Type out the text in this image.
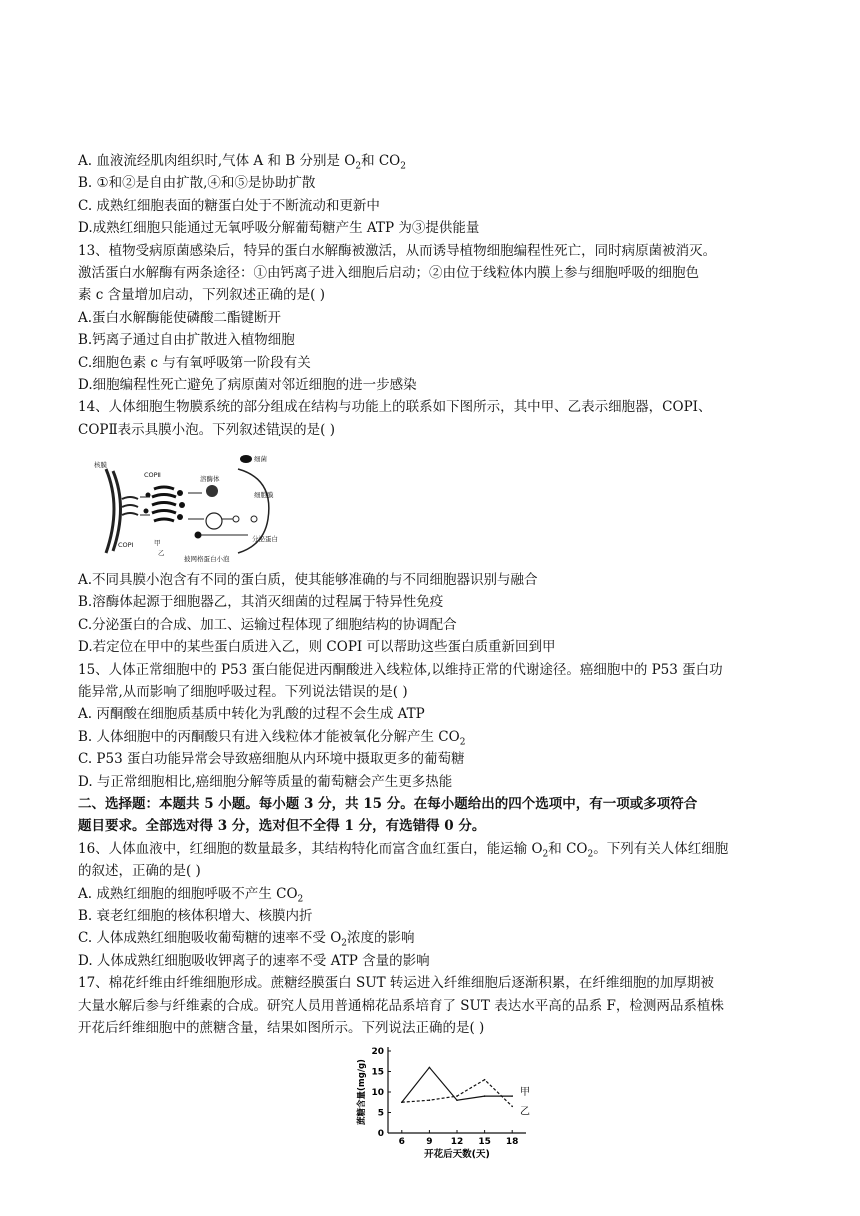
A. 血液流经肌肉组织时,气体 A 和 B 分别是 $O_2$和 $CO_2$
B. ①和②是自由扩散,④和⑤是协助扩散
C. 成熟红细胞表面的糖蛋白处于不断流动和更新中
D.成熟红细胞只能通过无氧呼吸分解葡萄糖产生 ATP 为③提供能量
13、植物受病原菌感染后，特异的蛋白水解酶被激活，从而诱导植物细胞编程性死亡，同时病原菌被消灭。
激活蛋白水解酶有两条途径：①由钙离子进入细胞后启动；②由位于线粒体内膜上参与细胞呼吸的细胞色
素 c 含量增加启动，下列叙述正确的是( )
A.蛋白水解酶能使磷酸二酯键断开
B.钙离子通过自由扩散进入植物细胞
C.细胞色素 c 与有氧呼吸第一阶段有关
D.细胞编程性死亡避免了病原菌对邻近细胞的进一步感染
14、人体细胞生物膜系统的部分组成在结构与功能上的联系如下图所示，其中甲、乙表示细胞器，COPI、
COPⅡ表示具膜小泡。下列叙述错误的是( )
核膜
COPⅡ
COPⅠ
溶酶体
细菌
细胞膜
甲
乙
分泌蛋白
披网格蛋白小泡
A.不同具膜小泡含有不同的蛋白质，使其能够准确的与不同细胞器识别与融合
B.溶酶体起源于细胞器乙，其消灭细菌的过程属于特异性免疫
C.分泌蛋白的合成、加工、运输过程体现了细胞结构的协调配合
D.若定位在甲中的某些蛋白质进入乙，则 COPI 可以帮助这些蛋白质重新回到甲
15、人体正常细胞中的 P53 蛋白能促进丙酮酸进入线粒体,以维持正常的代谢途径。癌细胞中的 P53 蛋白功
能异常,从而影响了细胞呼吸过程。下列说法错误的是( )
A. 丙酮酸在细胞质基质中转化为乳酸的过程不会生成 ATP
B. 人体细胞中的丙酮酸只有进入线粒体才能被氧化分解产生 $CO_2$
C. P53 蛋白功能异常会导致癌细胞从内环境中摄取更多的葡萄糖
D. 与正常细胞相比,癌细胞分解等质量的葡萄糖会产生更多热能
二、选择题：本题共 5 小题。每小题 3 分，共 15 分。在每小题给出的四个选项中，有一项或多项符合
题目要求。全部选对得 3 分，选对但不全得 1 分，有选错得 0 分。
16、人体血液中，红细胞的数量最多，其结构特化而富含血红蛋白，能运输 $O_2$和 $CO_2$。下列有关人体红细胞
的叙述，正确的是( )
A. 成熟红细胞的细胞呼吸不产生 $CO_2$
B. 衰老红细胞的核体积增大、核膜内折
C. 人体成熟红细胞吸收葡萄糖的速率不受 $O_2$浓度的影响
D. 人体成熟红细胞吸收钾离子的速率不受 ATP 含量的影响
17、棉花纤维由纤维细胞形成。蔗糖经膜蛋白 SUT 转运进入纤维细胞后逐渐积累，在纤维细胞的加厚期被
大量水解后参与纤维素的合成。研究人员用普通棉花品系培育了 SUT 表达水平高的品系 F，检测两品系植株
开花后纤维细胞中的蔗糖含量，结果如图所示。下列说法正确的是( )
0
5
10
15
20
6 9 12 15 18
甲
乙
开花后天数(天)
蔗糖含量(mg/g)
